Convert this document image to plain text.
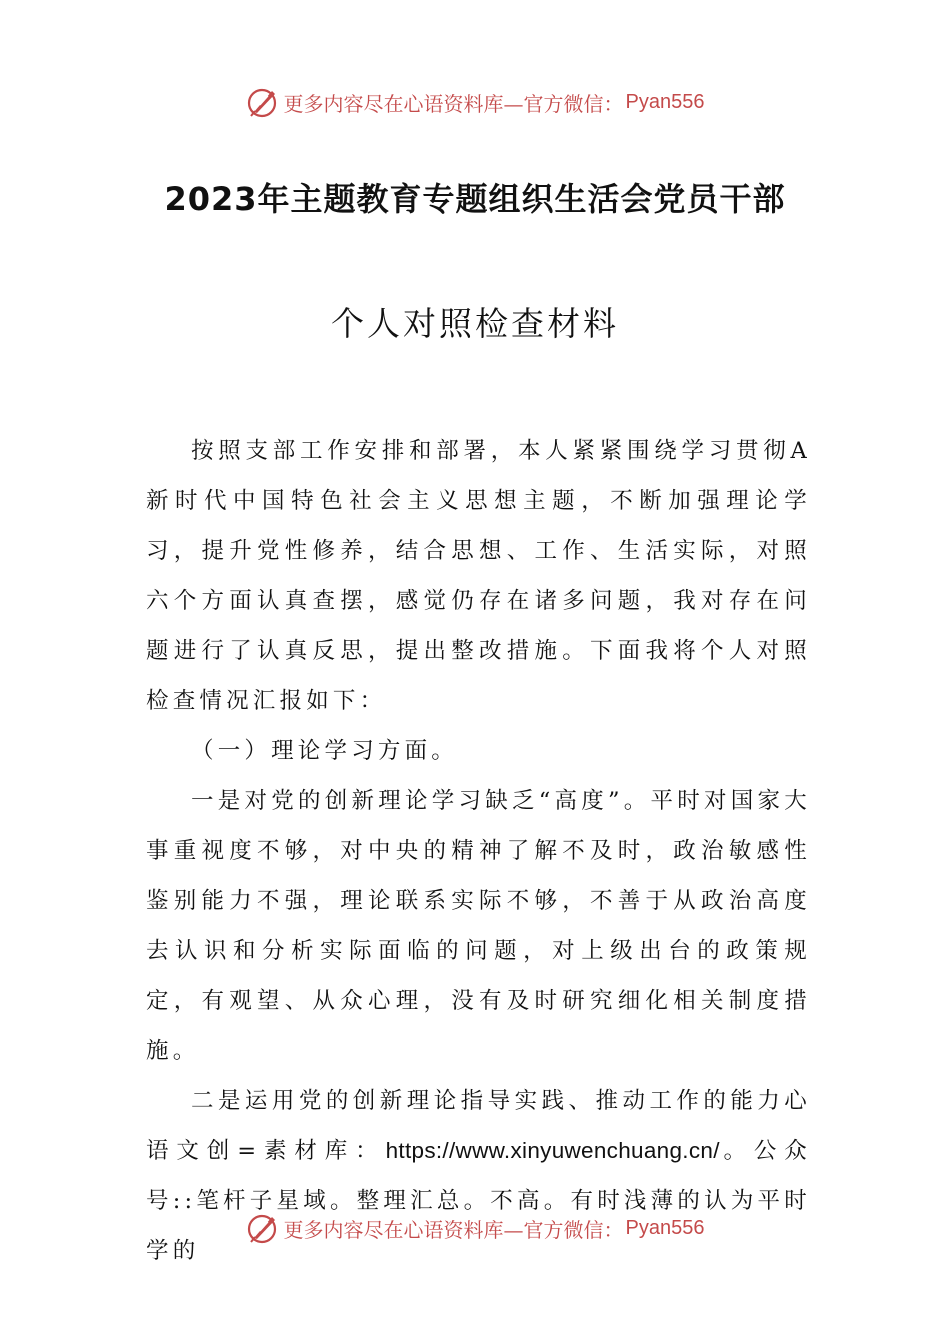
更多内容尽在心语资料库—官方微信： Pyan556
2023年主题教育专题组织生活会党员干部
个人对照检查材料

按照支部工作安排和部署，本人紧紧围绕学习贯彻A新时代中国特色社会主义思想主题，不断加强理论学习，提升党性修养，结合思想、工作、生活实际，对照六个方面认真查摆，感觉仍存在诸多问题，我对存在问题进行了认真反思，提出整改措施。下面我将个人对照检查情况汇报如下：

（一）理论学习方面。

一是对党的创新理论学习缺乏“高度”。平时对国家大事重视度不够，对中央的精神了解不及时，政治敏感性鉴别能力不强，理论联系实际不够，不善于从政治高度去认识和分析实际面临的问题，对上级出台的政策规定，有观望、从众心理，没有及时研究细化相关制度措施。

二是运用党的创新理论指导实践、推动工作的能力心语文创=素材库：https://www.xinyuwenchuang.cn/。公众号::笔杆子星域。整理汇总。不高。有时浅薄的认为平时学的

更多内容尽在心语资料库—官方微信： Pyan556
